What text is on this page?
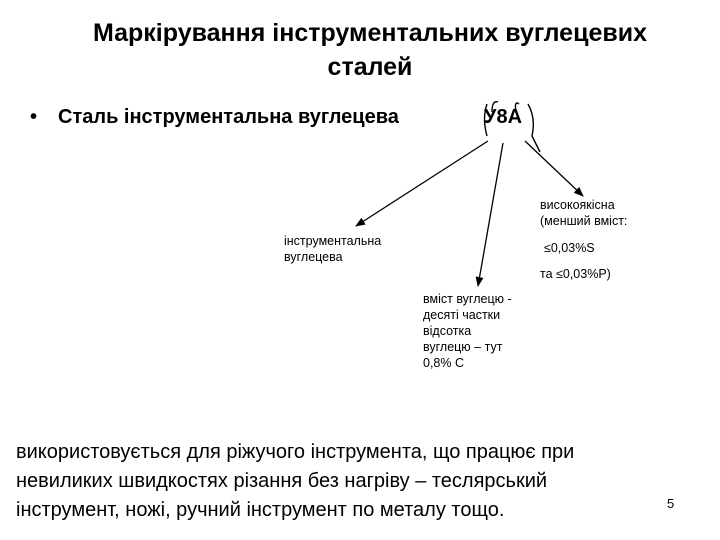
Маркірування інструментальних вуглецевих
сталей
• Сталь інструментальна вуглецева	У8А
високоякісна
(менший вміст:
≤0,03%S
та ≤0,03%Р)
інструментальна
вуглецева
вміст вуглецю -
десяті частки
відсотка
вуглецю – тут
0,8% С
використовується для ріжучого інструмента, що працює при
невиликих швидкостях різання без нагріву – теслярський
інструмент, ножі, ручний інструмент по металу тощо.	5
